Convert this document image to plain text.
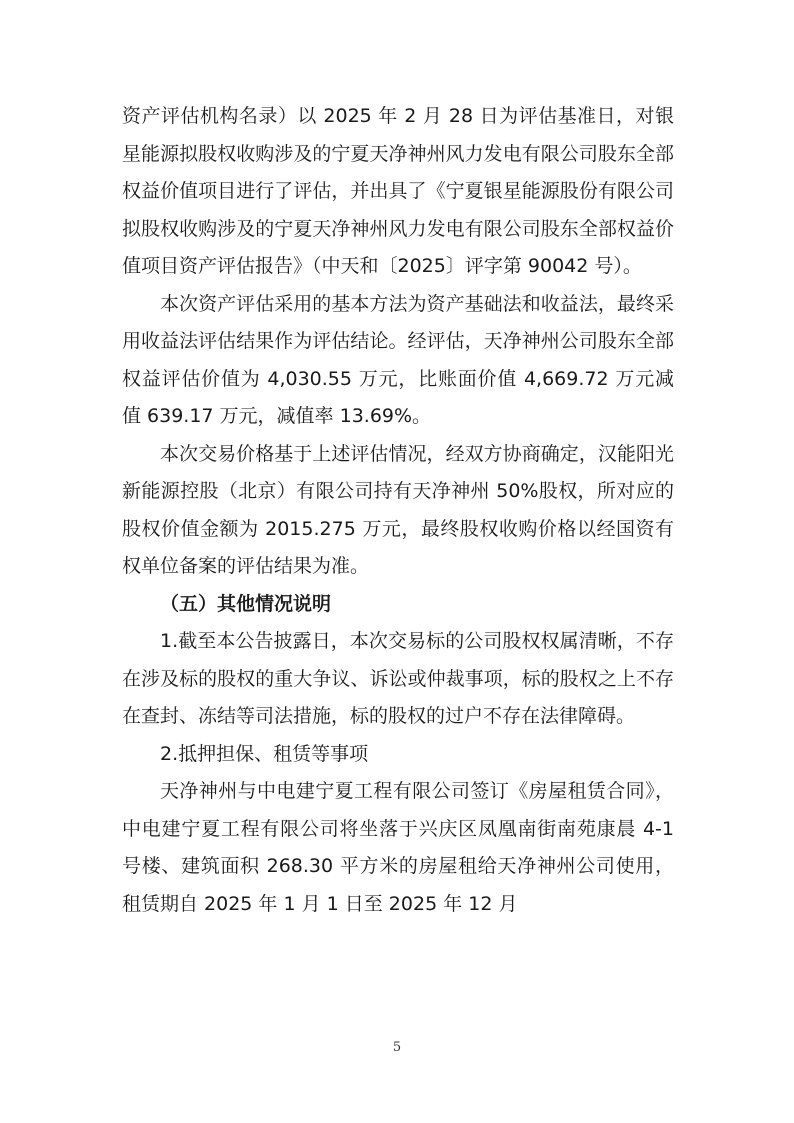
资产评估机构名录）以 2025 年 2 月 28 日为评估基准日，对银星能源拟股权收购涉及的宁夏天净神州风力发电有限公司股东全部权益价值项目进行了评估，并出具了《宁夏银星能源股份有限公司拟股权收购涉及的宁夏天净神州风力发电有限公司股东全部权益价值项目资产评估报告》（中天和〔2025〕评字第 90042 号）。

本次资产评估采用的基本方法为资产基础法和收益法，最终采用收益法评估结果作为评估结论。经评估，天净神州公司股东全部权益评估价值为 4,030.55 万元，比账面价值 4,669.72 万元减值 639.17 万元，减值率 13.69%。

本次交易价格基于上述评估情况，经双方协商确定，汉能阳光新能源控股（北京）有限公司持有天净神州 50%股权，所对应的股权价值金额为 2015.275 万元，最终股权收购价格以经国资有权单位备案的评估结果为准。

（五）其他情况说明

1.截至本公告披露日，本次交易标的公司股权权属清晰，不存在涉及标的股权的重大争议、诉讼或仲裁事项，标的股权之上不存在查封、冻结等司法措施，标的股权的过户不存在法律障碍。

2.抵押担保、租赁等事项

天净神州与中电建宁夏工程有限公司签订《房屋租赁合同》，中电建宁夏工程有限公司将坐落于兴庆区凤凰南街南苑康晨 4-1 号楼、建筑面积 268.30 平方米的房屋租给天净神州公司使用，租赁期自 2025 年 1 月 1 日至 2025 年 12 月

5
